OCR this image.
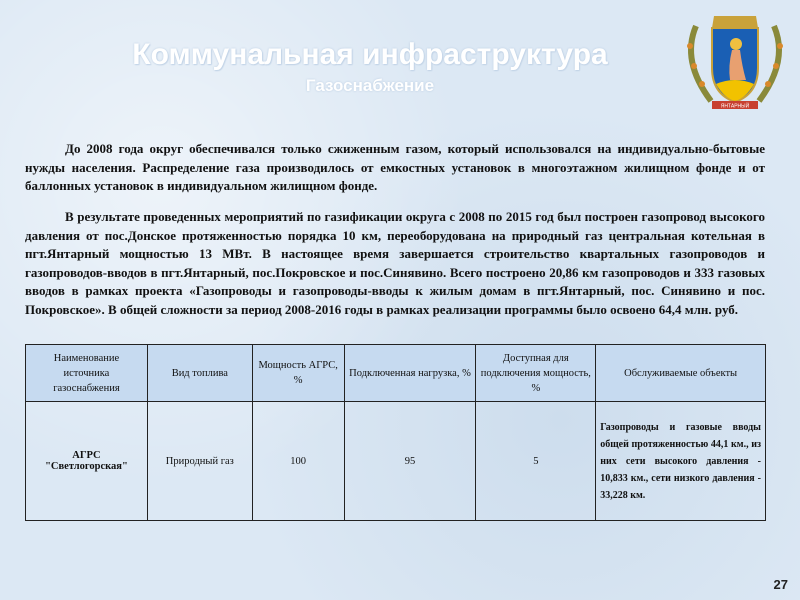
Коммунальная инфраструктура
Газоснабжение
ЯНТАРНЫЙ

До 2008 года округ обеспечивался только сжиженным газом, который использовался на индивидуально-бытовые нужды населения. Распределение газа производилось от емкостных установок в многоэтажном жилищном фонде и от баллонных установок в индивидуальном жилищном фонде.

В результате проведенных мероприятий по газификации округа с 2008 по 2015 год был построен газопровод высокого давления от пос.Донское протяженностью порядка 10 км, переоборудована на природный газ центральная котельная в пгт.Янтарный мощностью 13 МВт. В настоящее время завершается строительство квартальных газопроводов и газопроводов-вводов в пгт.Янтарный, пос.Покровское и пос.Синявино. Всего построено 20,86 км газопроводов и 333 газовых вводов в рамках проекта «Газопроводы и газопроводы-вводы к жилым домам в пгт.Янтарный, пос. Синявино и пос. Покровское». В общей сложности за период 2008-2016 годы в рамках реализации программы было освоено 64,4 млн. руб.

Наименование источника газоснабжения	Вид топлива	Мощность АГРС, %	Подключенная нагрузка, %	Доступная для подключения мощность, %	Обслуживаемые объекты
АГРС "Светлогорская"	Природный газ	100	95	5	Газопроводы и газовые вводы общей протяженностью 44,1 км., из них сети высокого давления - 10,833 км., сети низкого давления - 33,228 км.
27
